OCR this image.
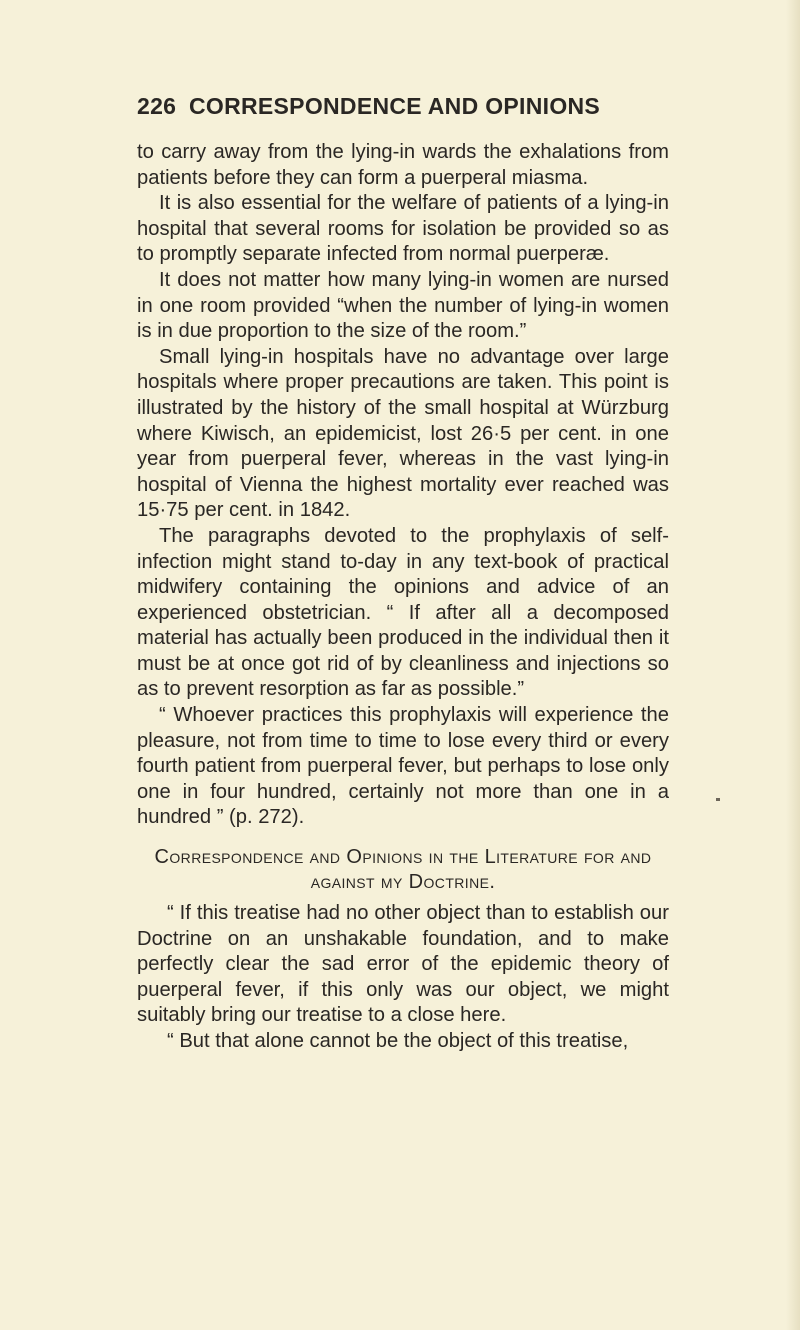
226 CORRESPONDENCE AND OPINIONS

to carry away from the lying-in wards the exhalations from patients before they can form a puerperal miasma.

It is also essential for the welfare of patients of a lying-in hospital that several rooms for isolation be provided so as to promptly separate infected from normal puerperæ.

It does not matter how many lying-in women are nursed in one room provided “when the number of lying-in women is in due proportion to the size of the room.”

Small lying-in hospitals have no advantage over large hospitals where proper precautions are taken. This point is illustrated by the history of the small hospital at Würzburg where Kiwisch, an epidemicist, lost 26·5 per cent. in one year from puerperal fever, whereas in the vast lying-in hospital of Vienna the highest mortality ever reached was 15·75 per cent. in 1842.

The paragraphs devoted to the prophylaxis of self-infection might stand to-day in any text-book of practical midwifery containing the opinions and advice of an experienced obstetrician. “ If after all a decomposed material has actually been produced in the individual then it must be at once got rid of by cleanliness and injections so as to prevent resorption as far as possible.”

“ Whoever practices this prophylaxis will experience the pleasure, not from time to time to lose every third or every fourth patient from puerperal fever, but perhaps to lose only one in four hundred, certainly not more than one in a hundred ” (p. 272).

Correspondence and Opinions in the Literature for and against my Doctrine.

“ If this treatise had no other object than to establish our Doctrine on an unshakable foundation, and to make perfectly clear the sad error of the epidemic theory of puerperal fever, if this only was our object, we might suitably bring our treatise to a close here.

“ But that alone cannot be the object of this treatise,
